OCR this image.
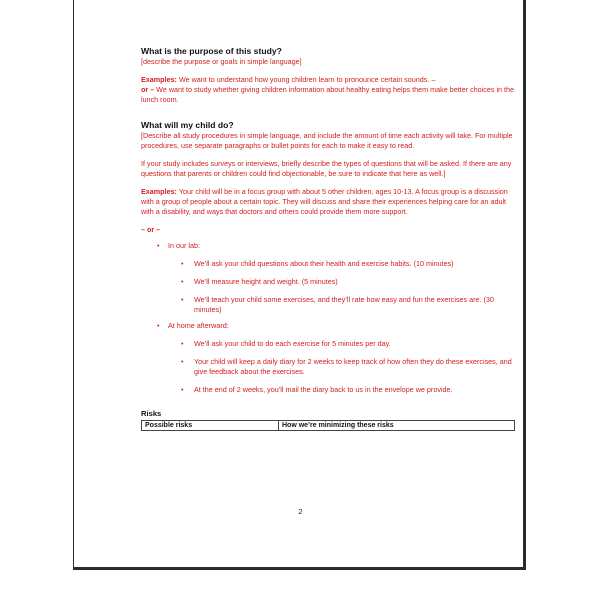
What is the purpose of this study?

[describe the purpose or goals in simple language]

Examples: We want to understand how young children learn to pronounce certain sounds. –
or – We want to study whether giving children information about healthy eating helps them make better choices in the lunch room.

What will my child do?

[Describe all study procedures in simple language, and include the amount of time each activity will take. For multiple procedures, use separate paragraphs or bullet points for each to make it easy to read.

If your study includes surveys or interviews, briefly describe the types of questions that will be asked. If there are any questions that parents or children could find objectionable, be sure to indicate that here as well.]

Examples: Your child will be in a focus group with about 5 other children, ages 10-13. A focus group is a discussion with a group of people about a certain topic. They will discuss and share their experiences helping care for an adult with a disability, and ways that doctors and others could provide them more support.

– or –

• In our lab:
• We’ll ask your child questions about their health and exercise habits. (10 minutes)
• We’ll measure height and weight. (5 minutes)
• We’ll teach your child some exercises, and they’ll rate how easy and fun the exercises are. (30 minutes)
• At home afterward:
• We’ll ask your child to do each exercise for 5 minutes per day.
• Your child will keep a daily diary for 2 weeks to keep track of how often they do these exercises, and give feedback about the exercises.
• At the end of 2 weeks, you’ll mail the diary back to us in the envelope we provide.
Risks
Possible risks	How we’re minimizing these risks
2
